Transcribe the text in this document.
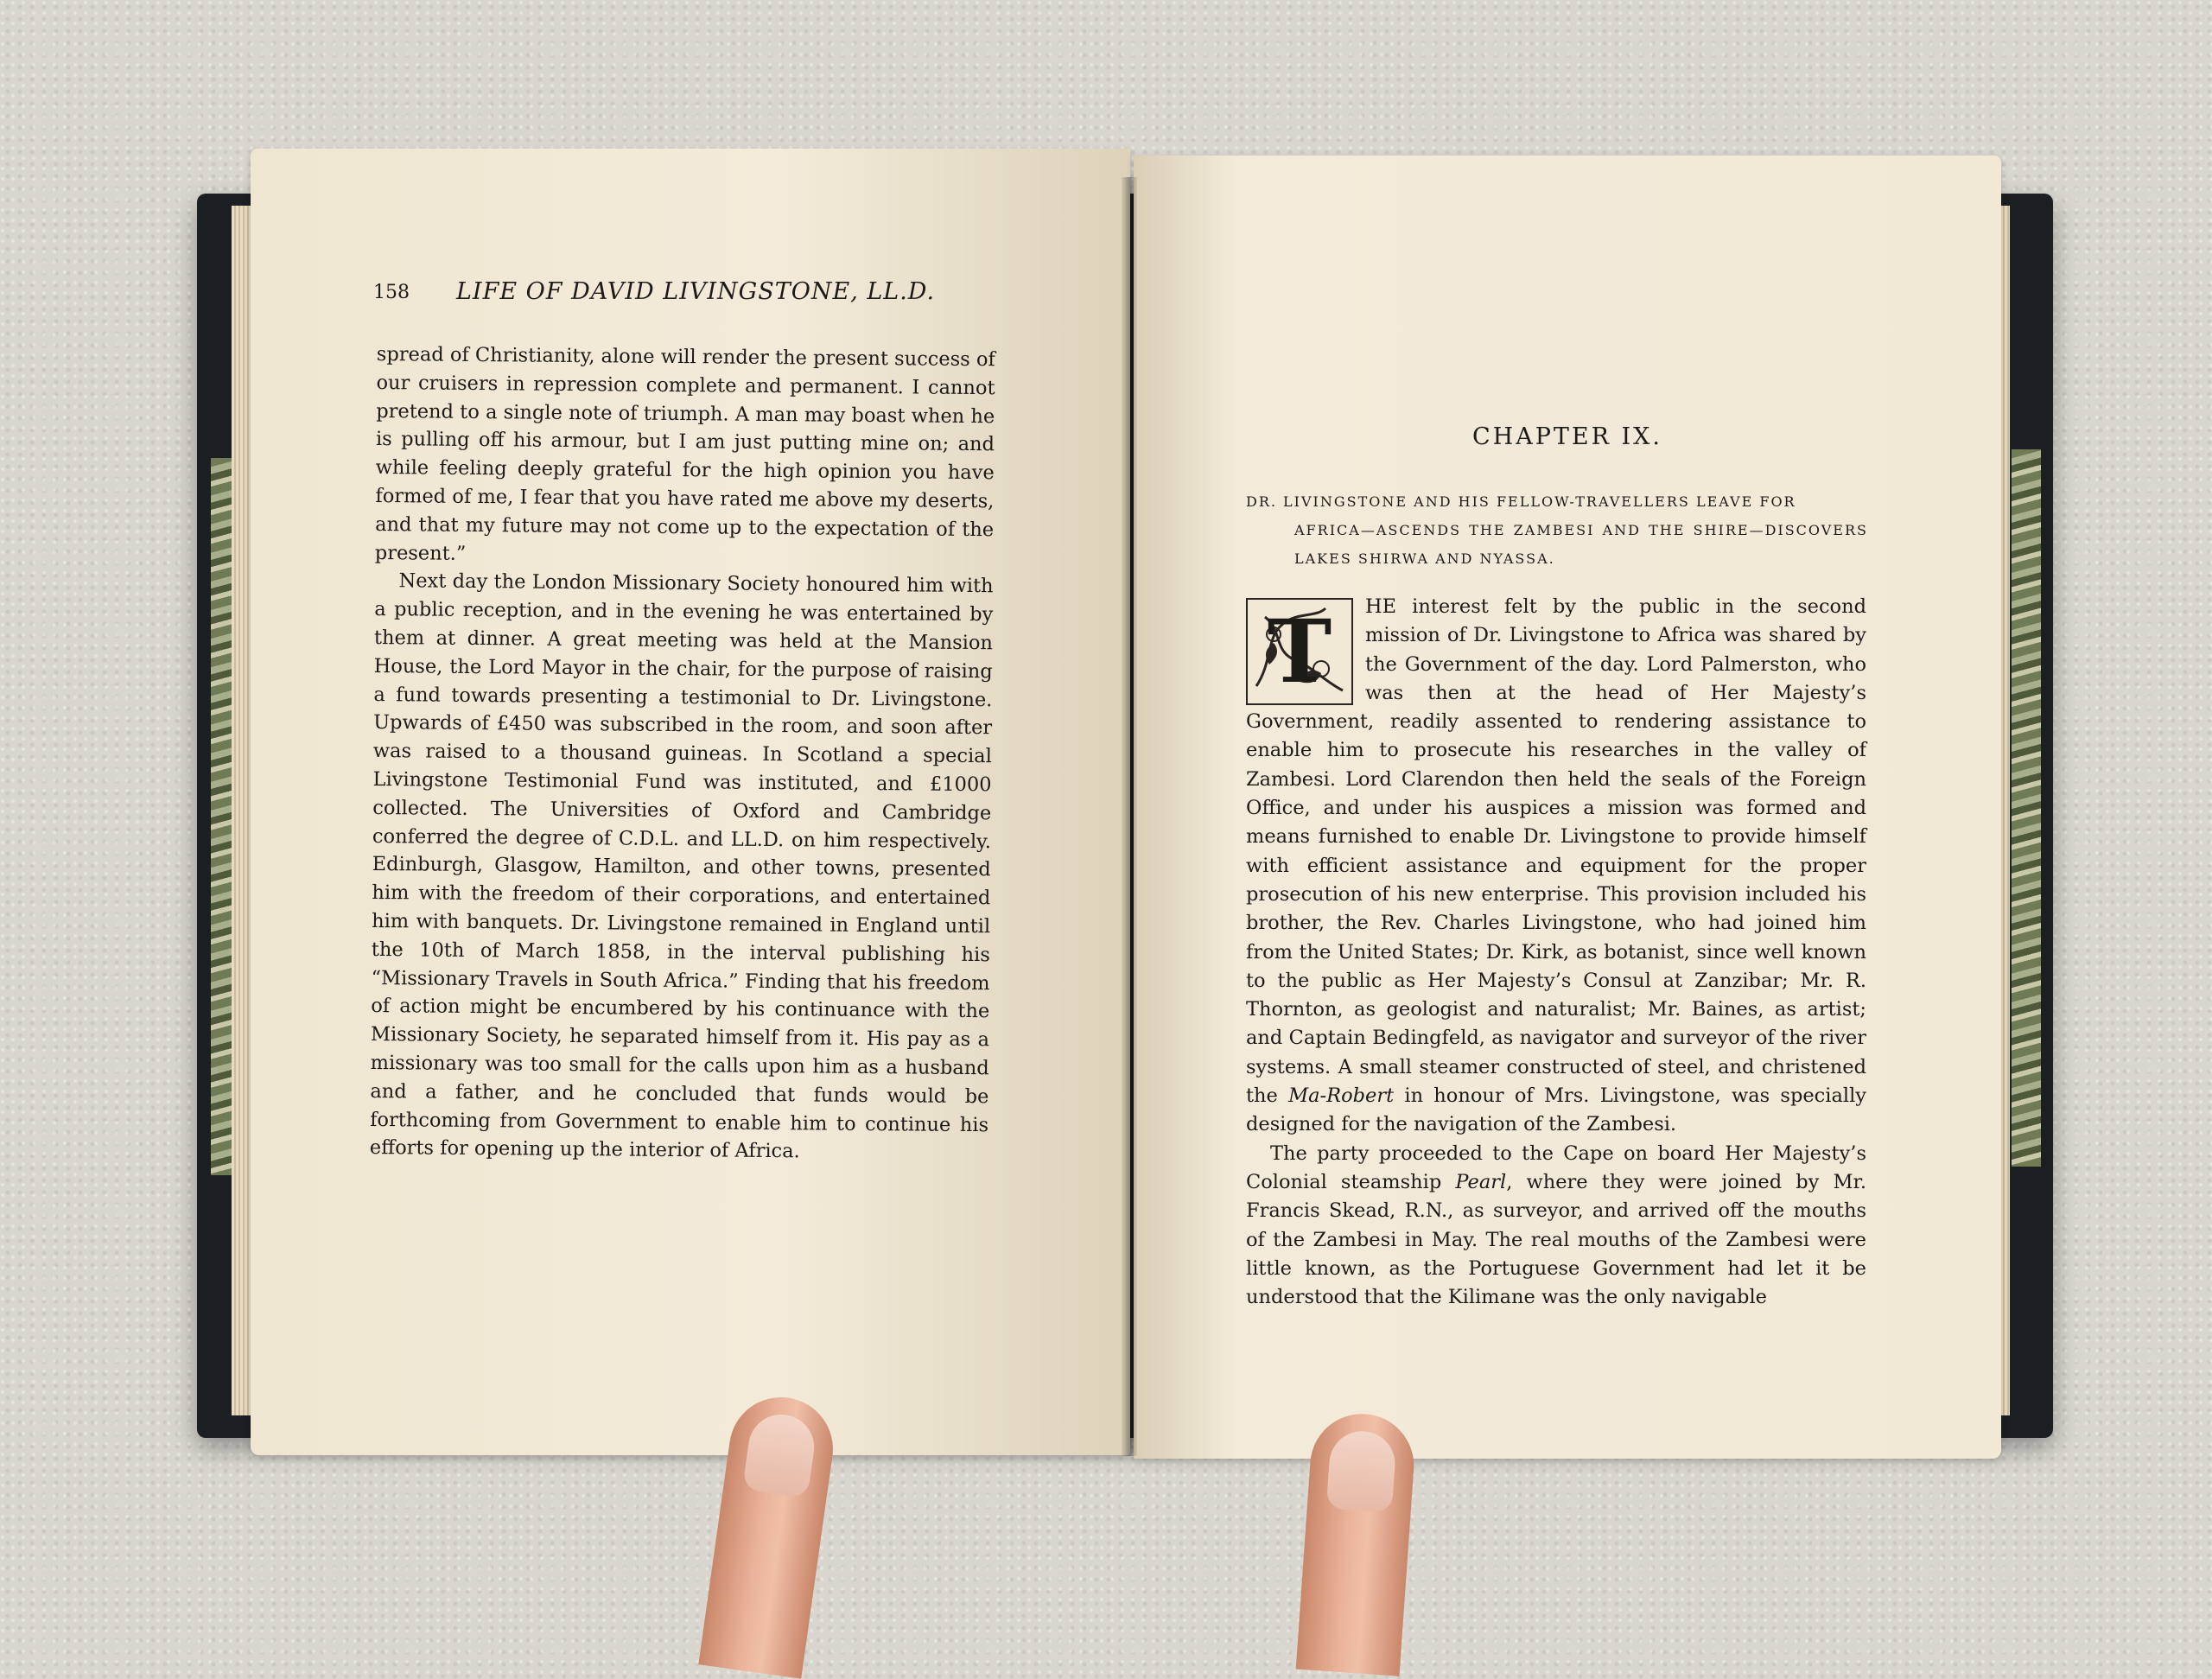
158 LIFE OF DAVID LIVINGSTONE, LL.D.

spread of Christianity, alone will render the present success of our cruisers in repression complete and permanent. I cannot pretend to a single note of triumph. A man may boast when he is pulling off his armour, but I am just putting mine on; and while feeling deeply grateful for the high opinion you have formed of me, I fear that you have rated me above my deserts, and that my future may not come up to the expectation of the present.”

Next day the London Missionary Society honoured him with a public reception, and in the evening he was entertained by them at dinner. A great meeting was held at the Mansion House, the Lord Mayor in the chair, for the purpose of raising a fund towards presenting a testimonial to Dr. Livingstone. Upwards of £450 was subscribed in the room, and soon after was raised to a thousand guineas. In Scotland a special Livingstone Testimonial Fund was instituted, and £1000 collected. The Universities of Oxford and Cambridge conferred the degree of C.D.L. and LL.D. on him respectively. Edinburgh, Glasgow, Hamilton, and other towns, presented him with the freedom of their corporations, and entertained him with banquets. Dr. Livingstone remained in England until the 10th of March 1858, in the interval publishing his “Missionary Travels in South Africa.” Finding that his freedom of action might be encumbered by his continuance with the Missionary Society, he separated himself from it. His pay as a missionary was too small for the calls upon him as a husband and a father, and he concluded that funds would be forthcoming from Government to enable him to continue his efforts for opening up the interior of Africa.

CHAPTER IX.
DR. LIVINGSTONE AND HIS FELLOW-TRAVELLERS LEAVE FOR
AFRICA—ASCENDS THE ZAMBESI AND THE SHIRE—DISCOVERS LAKES SHIRWA AND NYASSA.

T	HE interest felt by the public in the second mission of Dr. Livingstone to Africa was shared by the Government of the day. Lord Palmerston, who was then at the head of Her Majesty’s Government, readily assented to rendering assistance to enable him to prosecute his researches in the valley of Zambesi. Lord Clarendon then held the seals of the Foreign Office, and under his auspices a mission was formed and means furnished to enable Dr. Livingstone to provide himself with efficient assistance and equipment for the proper prosecution of his new enterprise. This provision included his brother, the Rev. Charles Livingstone, who had joined him from the United States; Dr. Kirk, as botanist, since well known to the public as Her Majesty’s Consul at Zanzibar; Mr. R. Thornton, as geologist and naturalist; Mr. Baines, as artist; and Captain Bedingfeld, as navigator and surveyor of the river systems. A small steamer constructed of steel, and christened the Ma-Robert in honour of Mrs. Livingstone, was specially designed for the navigation of the Zambesi.

The party proceeded to the Cape on board Her Majesty’s Colonial steamship Pearl, where they were joined by Mr. Francis Skead, R.N., as surveyor, and arrived off the mouths of the Zambesi in May. The real mouths of the Zambesi were little known, as the Portuguese Government had let it be understood that the Kilimane was the only navigable
